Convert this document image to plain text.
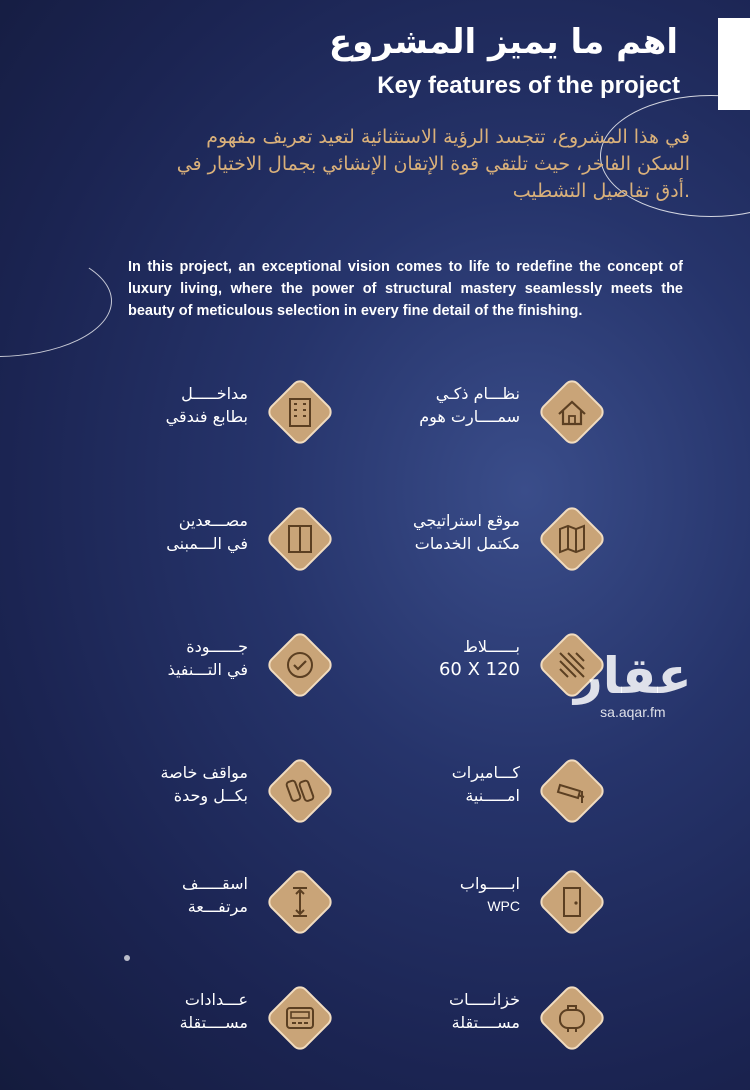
اهم ما يميز المشروع
Key features of the project
في هذا المشروع، تتجسد الرؤية الاستثنائية لتعيد تعريف مفهوم
السكن الفاخر، حيث تلتقي قوة الإتقان الإنشائي بجمال الاختيار في
.أدق تفاصيل التشطيب
In this project, an exceptional vision comes to life to redefine the concept of luxury living, where the power of structural mastery seamlessly meets the beauty of meticulous selection in every fine detail of the finishing.
نظـــام ذكـي
سمــــارت هوم
مداخـــــل
بطابع فندقي
موقع استراتيجي
مكتمل الخدمات
مصـــعدين
في الـــمبنى
بــــــلاط
60 X 120
جــــــودة
في التـــنفيذ
كـــاميرات
امـــــنية
مواقف خاصة
بكــل وحدة
ابـــــواب
WPC
اسقـــــف
مرتفـــعة
خزانـــــات
مســــتقلة
عـــدادات
مســــتقلة
عقار
sa.aqar.fm
